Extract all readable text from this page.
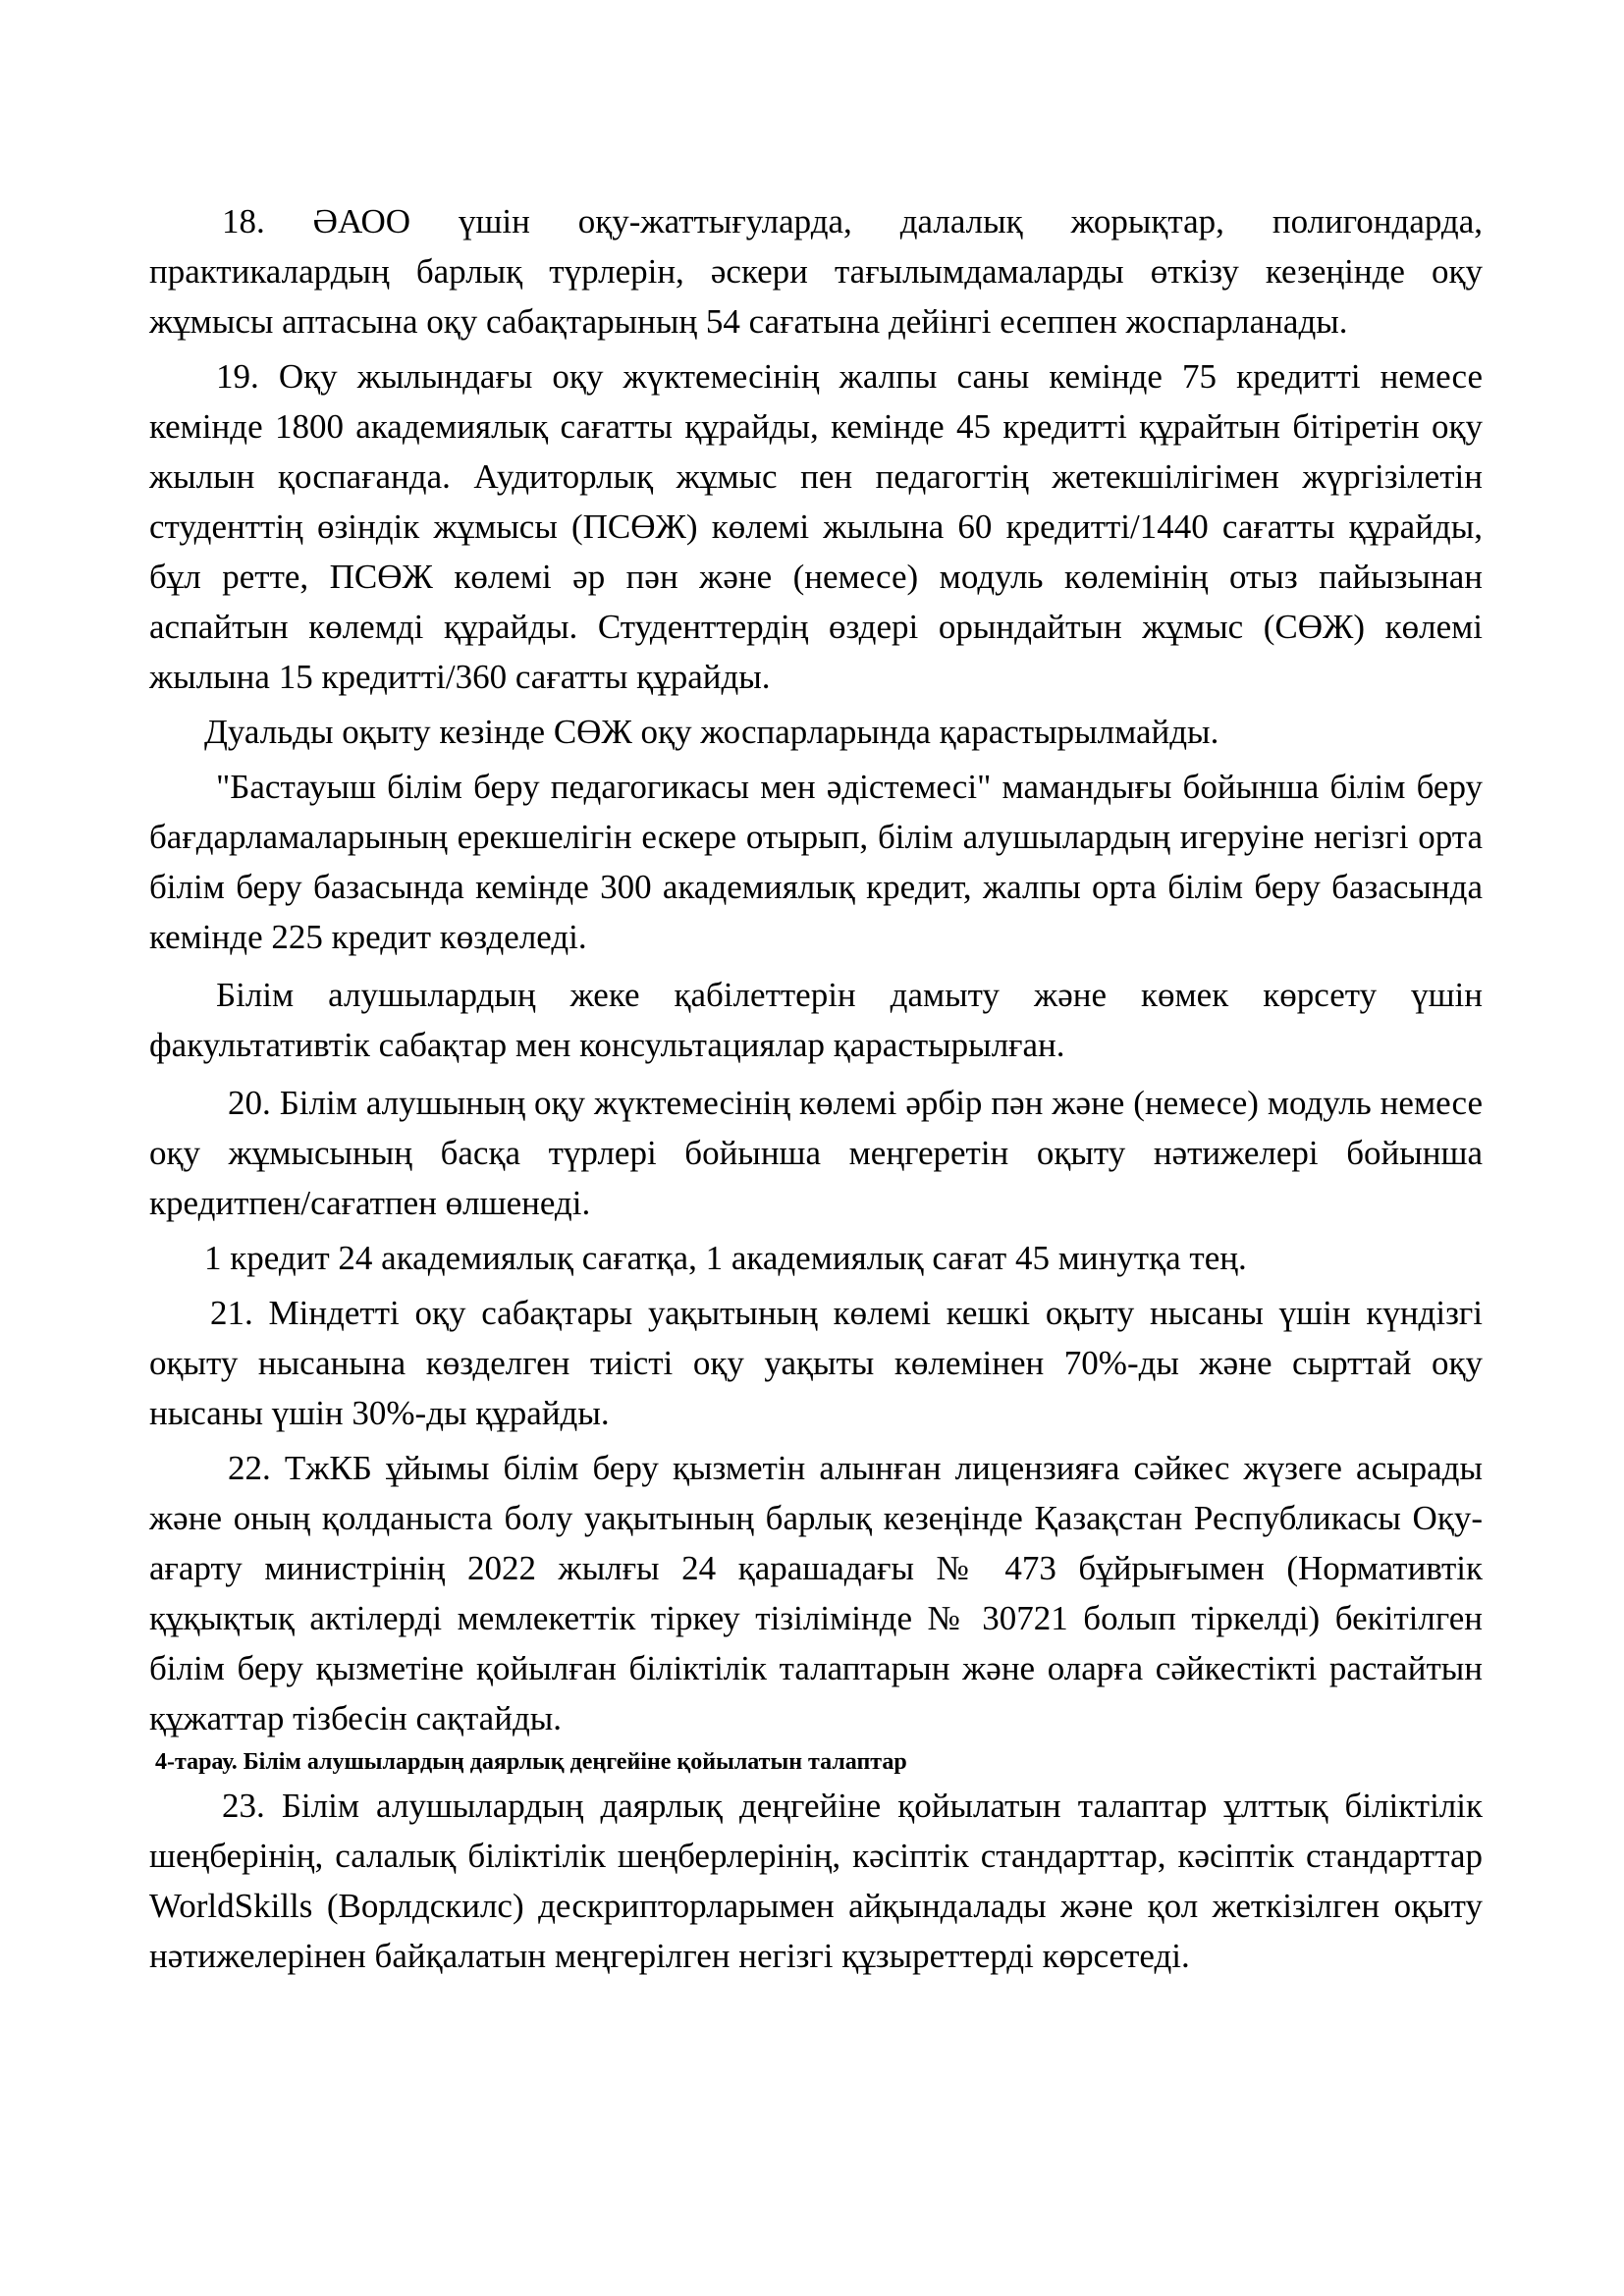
18. ӘАОО үшін оқу-жаттығуларда, далалық жорықтар, полигондарда, практикалардың барлық түрлерін, әскери тағылымдамаларды өткізу кезеңінде оқу жұмысы аптасына оқу сабақтарының 54 сағатына дейінгі есеппен жоспарланады.

19. Оқу жылындағы оқу жүктемесінің жалпы саны кемінде 75 кредитті немесе кемінде 1800 академиялық сағатты құрайды, кемінде 45 кредитті құрайтын бітіретін оқу жылын қоспағанда. Аудиторлық жұмыс пен педагогтің жетекшілігімен жүргізілетін студенттің өзіндік жұмысы (ПСӨЖ) көлемі жылына 60 кредитті/1440 сағатты құрайды, бұл ретте, ПСӨЖ көлемі әр пән және (немесе) модуль көлемінің отыз пайызынан аспайтын көлемді құрайды. Студенттердің өздері орындайтын жұмыс (СӨЖ) көлемі жылына 15 кредитті/360 сағатты құрайды.

Дуальды оқыту кезінде СӨЖ оқу жоспарларында қарастырылмайды.

"Бастауыш білім беру педагогикасы мен әдістемесі" мамандығы бойынша білім беру бағдарламаларының ерекшелігін ескере отырып, білім алушылардың игеруіне негізгі орта білім беру базасында кемінде 300 академиялық кредит, жалпы орта білім беру базасында кемінде 225 кредит көзделеді.

Білім алушылардың жеке қабілеттерін дамыту және көмек көрсету үшін факультативтік сабақтар мен консультациялар қарастырылған.

20. Білім алушының оқу жүктемесінің көлемі әрбір пән және (немесе) модуль немесе оқу жұмысының басқа түрлері бойынша меңгеретін оқыту нәтижелері бойынша кредитпен/сағатпен өлшенеді.

1 кредит 24 академиялық сағатқа, 1 академиялық сағат 45 минутқа тең.

21. Міндетті оқу сабақтары уақытының көлемі кешкі оқыту нысаны үшін күндізгі оқыту нысанына көзделген тиісті оқу уақыты көлемінен 70%-ды және сырттай оқу нысаны үшін 30%-ды құрайды.

22. ТжКБ ұйымы білім беру қызметін алынған лицензияға сәйкес жүзеге асырады және оның қолданыста болу уақытының барлық кезеңінде Қазақстан Республикасы Оқу-ағарту министрінің 2022 жылғы 24 қарашадағы № 473 бұйрығымен (Нормативтік құқықтық актілерді мемлекеттік тіркеу тізілімінде № 30721 болып тіркелді) бекітілген білім беру қызметіне қойылған біліктілік талаптарын және оларға сәйкестікті растайтын құжаттар тізбесін сақтайды.

4-тарау. Білім алушылардың даярлық деңгейіне қойылатын талаптар

23. Білім алушылардың даярлық деңгейіне қойылатын талаптар ұлттық біліктілік шеңберінің, салалық біліктілік шеңберлерінің, кәсіптік стандарттар, кәсіптік стандарттар WorldSkills (Ворлдскилс) дескрипторларымен айқындалады және қол жеткізілген оқыту нәтижелерінен байқалатын меңгерілген негізгі құзыреттерді көрсетеді.
